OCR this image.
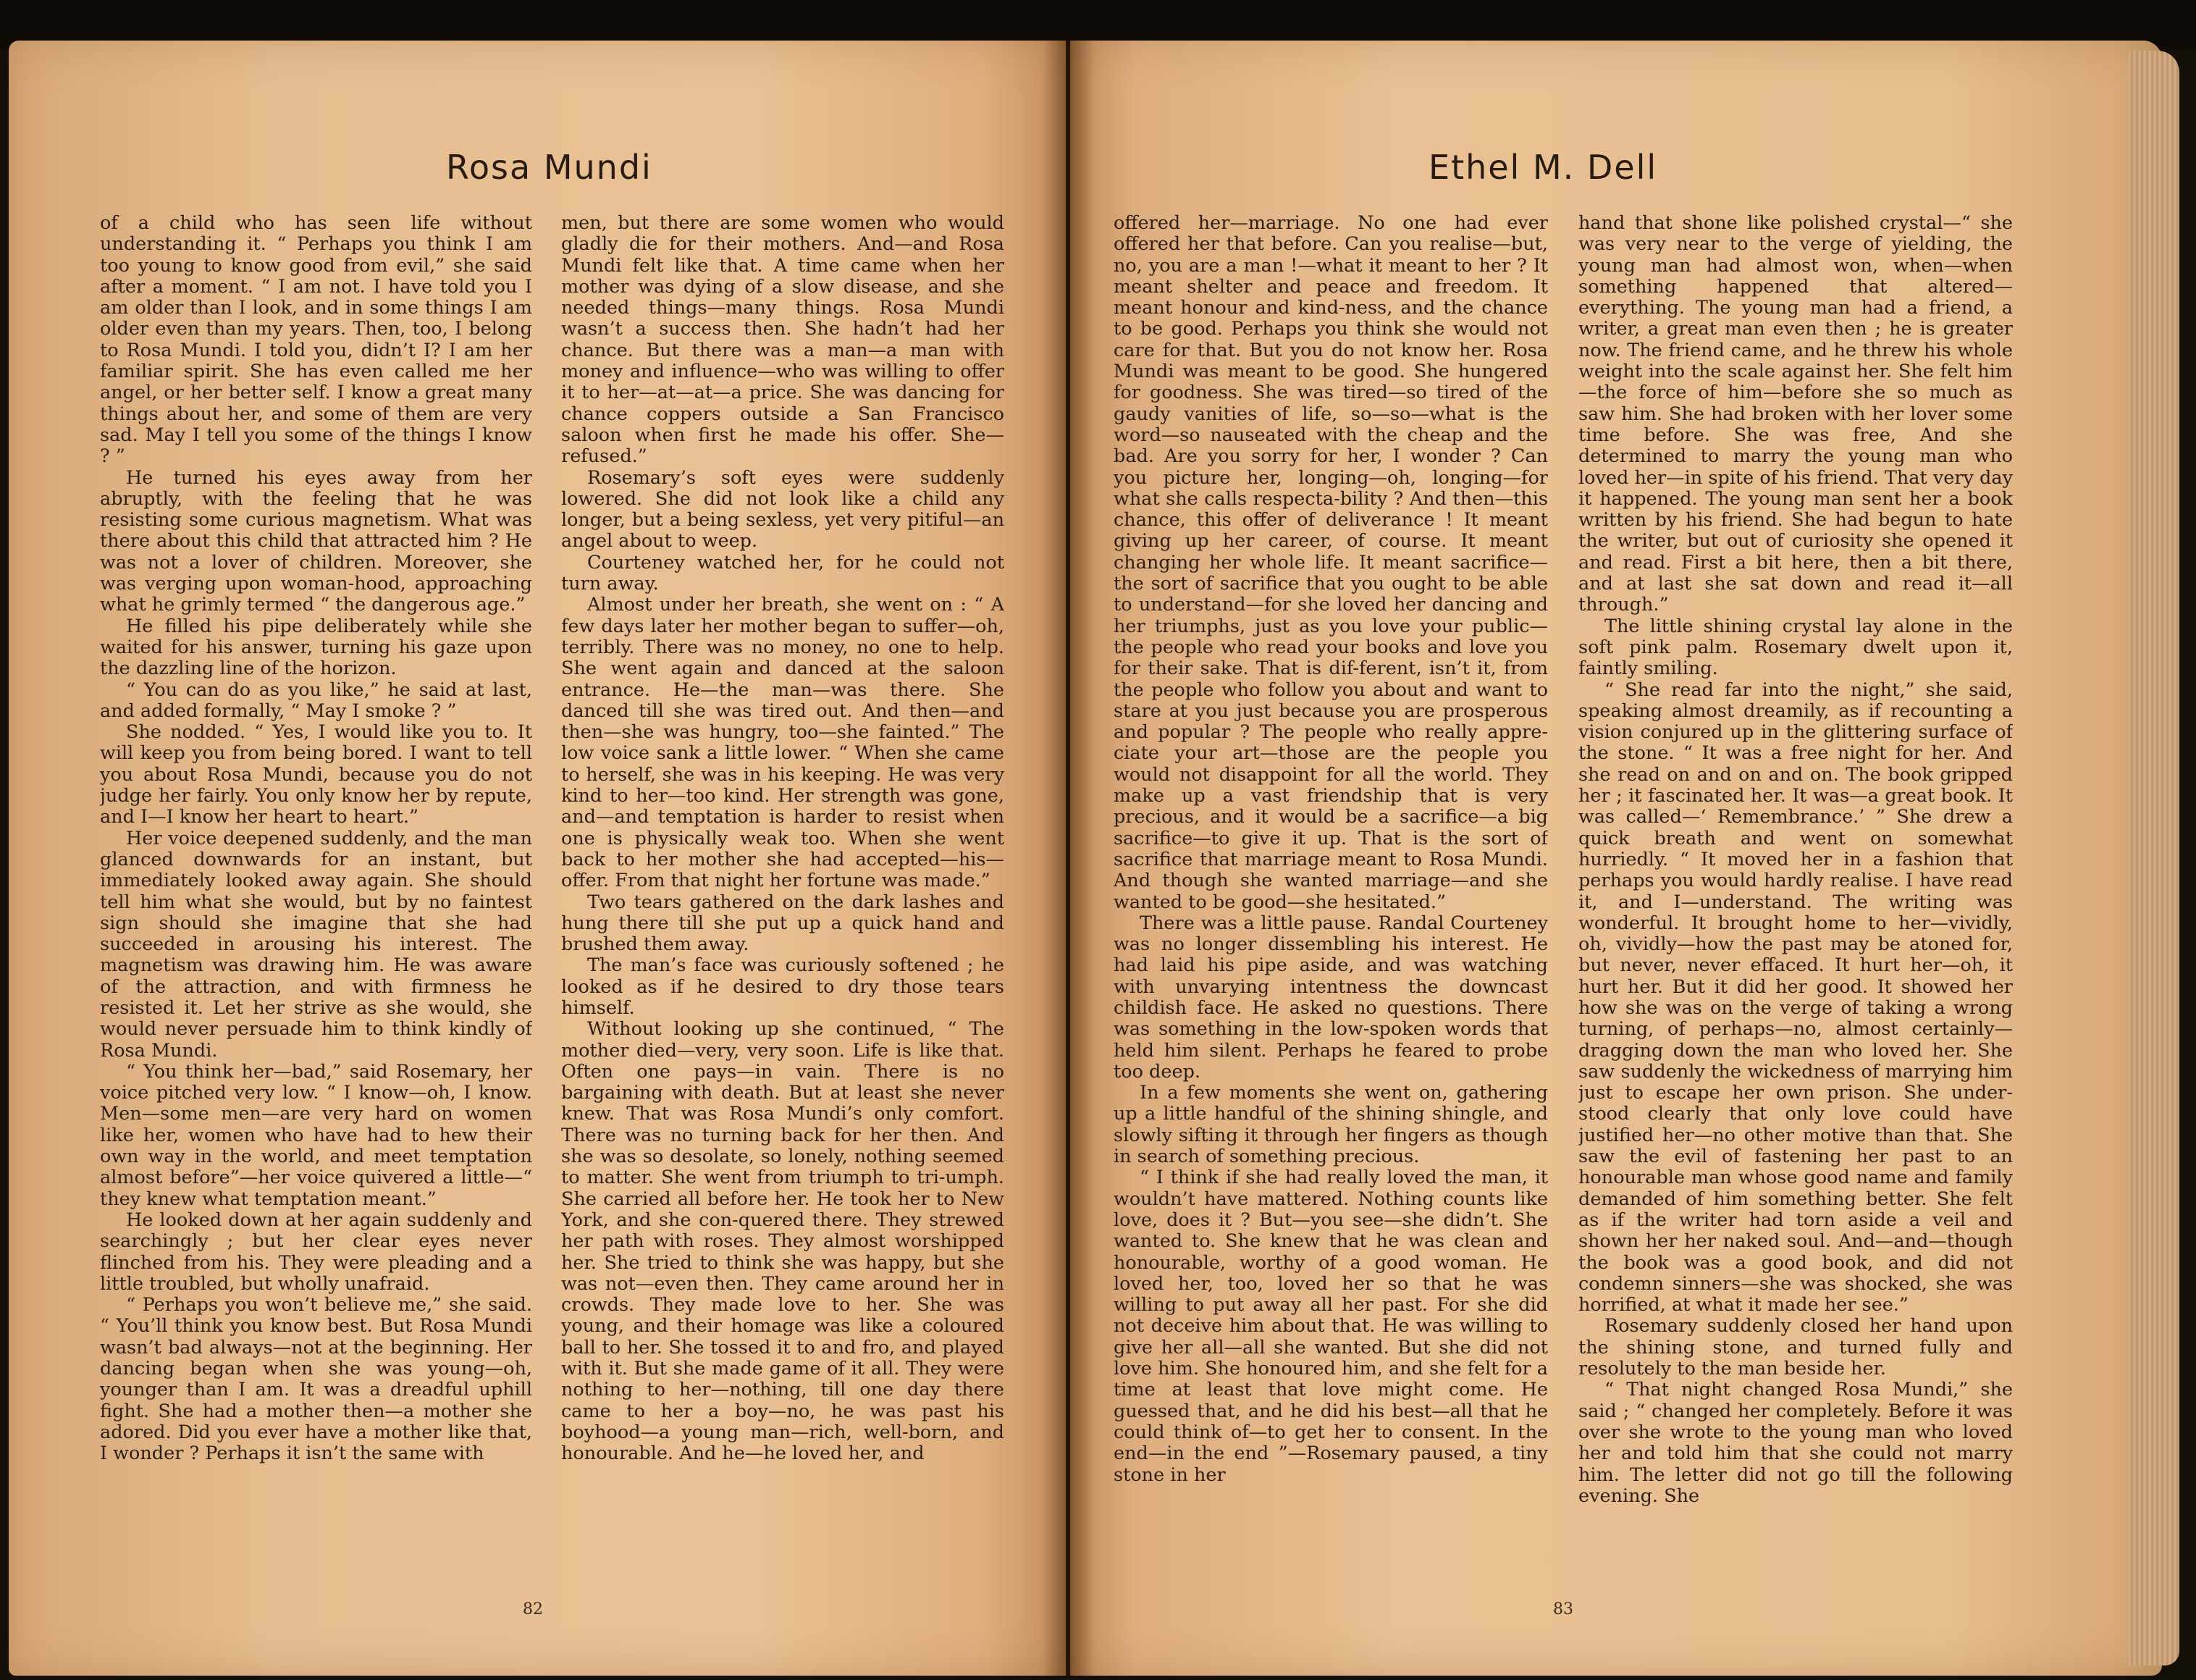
Rosa Mundi

of a child who has seen life without understanding it. “ Perhaps you think I am too young to know good from evil,” she said after a moment. “ I am not. I have told you I am older than I look, and in some things I am older even than my years. Then, too, I belong to Rosa Mundi. I told you, didn’t I? I am her familiar spirit. She has even called me her angel, or her better self. I know a great many things about her, and some of them are very sad. May I tell you some of the things I know ? ”

He turned his eyes away from her abruptly, with the feeling that he was resisting some curious magnetism. What was there about this child that attracted him ? He was not a lover of children. Moreover, she was verging upon woman-hood, approaching what he grimly termed “ the dangerous age.”

He filled his pipe deliberately while she waited for his answer, turning his gaze upon the dazzling line of the horizon.

“ You can do as you like,” he said at last, and added formally, “ May I smoke ? ”

She nodded. “ Yes, I would like you to. It will keep you from being bored. I want to tell you about Rosa Mundi, because you do not judge her fairly. You only know her by repute, and I—I know her heart to heart.”

Her voice deepened suddenly, and the man glanced downwards for an instant, but immediately looked away again. She should tell him what she would, but by no faintest sign should she imagine that she had succeeded in arousing his interest. The magnetism was drawing him. He was aware of the attraction, and with firmness he resisted it. Let her strive as she would, she would never persuade him to think kindly of Rosa Mundi.

“ You think her—bad,” said Rosemary, her voice pitched very low. “ I know—oh, I know. Men—some men—are very hard on women like her, women who have had to hew their own way in the world, and meet temptation almost before”—her voice quivered a little—“ they knew what temptation meant.”

He looked down at her again suddenly and searchingly ; but her clear eyes never flinched from his. They were pleading and a little troubled, but wholly unafraid.

“ Perhaps you won’t believe me,” she said. “ You’ll think you know best. But Rosa Mundi wasn’t bad always—not at the beginning. Her dancing began when she was young—oh, younger than I am. It was a dreadful uphill fight. She had a mother then—a mother she adored. Did you ever have a mother like that, I wonder ? Perhaps it isn’t the same with

men, but there are some women who would gladly die for their mothers. And—and Rosa Mundi felt like that. A time came when her mother was dying of a slow disease, and she needed things—many things. Rosa Mundi wasn’t a success then. She hadn’t had her chance. But there was a man—a man with money and influence—who was willing to offer it to her—at—at—a price. She was dancing for chance coppers outside a San Francisco saloon when first he made his offer. She—refused.”

Rosemary’s soft eyes were suddenly lowered. She did not look like a child any longer, but a being sexless, yet very pitiful—an angel about to weep.

Courteney watched her, for he could not turn away.

Almost under her breath, she went on : “ A few days later her mother began to suffer—oh, terribly. There was no money, no one to help. She went again and danced at the saloon entrance. He—the man—was there. She danced till she was tired out. And then—and then—she was hungry, too—she fainted.” The low voice sank a little lower. “ When she came to herself, she was in his keeping. He was very kind to her—too kind. Her strength was gone, and—and temptation is harder to resist when one is physically weak too. When she went back to her mother she had accepted—his—offer. From that night her fortune was made.”

Two tears gathered on the dark lashes and hung there till she put up a quick hand and brushed them away.

The man’s face was curiously softened ; he looked as if he desired to dry those tears himself.

Without looking up she continued, “ The mother died—very, very soon. Life is like that. Often one pays—in vain. There is no bargaining with death. But at least she never knew. That was Rosa Mundi’s only comfort. There was no turning back for her then. And she was so desolate, so lonely, nothing seemed to matter. She went from triumph to tri-umph. She carried all before her. He took her to New York, and she con-quered there. They strewed her path with roses. They almost worshipped her. She tried to think she was happy, but she was not—even then. They came around her in crowds. They made love to her. She was young, and their homage was like a coloured ball to her. She tossed it to and fro, and played with it. But she made game of it all. They were nothing to her—nothing, till one day there came to her a boy—no, he was past his boyhood—a young man—rich, well-born, and honourable. And he—he loved her, and

82
Ethel M. Dell

offered her—marriage. No one had ever offered her that before. Can you realise—but, no, you are a man !—what it meant to her ? It meant shelter and peace and freedom. It meant honour and kind-ness, and the chance to be good. Perhaps you think she would not care for that. But you do not know her. Rosa Mundi was meant to be good. She hungered for goodness. She was tired—so tired of the gaudy vanities of life, so—so—what is the word—so nauseated with the cheap and the bad. Are you sorry for her, I wonder ? Can you picture her, longing—oh, longing—for what she calls respecta-bility ? And then—this chance, this offer of deliverance ! It meant giving up her career, of course. It meant changing her whole life. It meant sacrifice—the sort of sacrifice that you ought to be able to understand—for she loved her dancing and her triumphs, just as you love your public—the people who read your books and love you for their sake. That is dif-ferent, isn’t it, from the people who follow you about and want to stare at you just because you are prosperous and popular ? The people who really appre-ciate your art—those are the people you would not disappoint for all the world. They make up a vast friendship that is very precious, and it would be a sacrifice—a big sacrifice—to give it up. That is the sort of sacrifice that marriage meant to Rosa Mundi. And though she wanted marriage—and she wanted to be good—she hesitated.”

There was a little pause. Randal Courteney was no longer dissembling his interest. He had laid his pipe aside, and was watching with unvarying intentness the downcast childish face. He asked no questions. There was something in the low-spoken words that held him silent. Perhaps he feared to probe too deep.

In a few moments she went on, gathering up a little handful of the shining shingle, and slowly sifting it through her fingers as though in search of something precious.

“ I think if she had really loved the man, it wouldn’t have mattered. Nothing counts like love, does it ? But—you see—she didn’t. She wanted to. She knew that he was clean and honourable, worthy of a good woman. He loved her, too, loved her so that he was willing to put away all her past. For she did not deceive him about that. He was willing to give her all—all she wanted. But she did not love him. She honoured him, and she felt for a time at least that love might come. He guessed that, and he did his best—all that he could think of—to get her to consent. In the end—in the end ”—Rosemary paused, a tiny stone in her

hand that shone like polished crystal—“ she was very near to the verge of yielding, the young man had almost won, when—when something happened that altered—everything. The young man had a friend, a writer, a great man even then ; he is greater now. The friend came, and he threw his whole weight into the scale against her. She felt him—the force of him—before she so much as saw him. She had broken with her lover some time before. She was free, And she determined to marry the young man who loved her—in spite of his friend. That very day it happened. The young man sent her a book written by his friend. She had begun to hate the writer, but out of curiosity she opened it and read. First a bit here, then a bit there, and at last she sat down and read it—all through.”

The little shining crystal lay alone in the soft pink palm. Rosemary dwelt upon it, faintly smiling.

“ She read far into the night,” she said, speaking almost dreamily, as if recounting a vision conjured up in the glittering surface of the stone. “ It was a free night for her. And she read on and on and on. The book gripped her ; it fascinated her. It was—a great book. It was called—‘ Remembrance.’ ” She drew a quick breath and went on somewhat hurriedly. “ It moved her in a fashion that perhaps you would hardly realise. I have read it, and I—understand. The writing was wonderful. It brought home to her—vividly, oh, vividly—how the past may be atoned for, but never, never effaced. It hurt her—oh, it hurt her. But it did her good. It showed her how she was on the verge of taking a wrong turning, of perhaps—no, almost certainly—dragging down the man who loved her. She saw suddenly the wickedness of marrying him just to escape her own prison. She under-stood clearly that only love could have justified her—no other motive than that. She saw the evil of fastening her past to an honourable man whose good name and family demanded of him something better. She felt as if the writer had torn aside a veil and shown her her naked soul. And—and—though the book was a good book, and did not condemn sinners—she was shocked, she was horrified, at what it made her see.”

Rosemary suddenly closed her hand upon the shining stone, and turned fully and resolutely to the man beside her.

“ That night changed Rosa Mundi,” she said ; “ changed her completely. Before it was over she wrote to the young man who loved her and told him that she could not marry him. The letter did not go till the following evening. She

83
